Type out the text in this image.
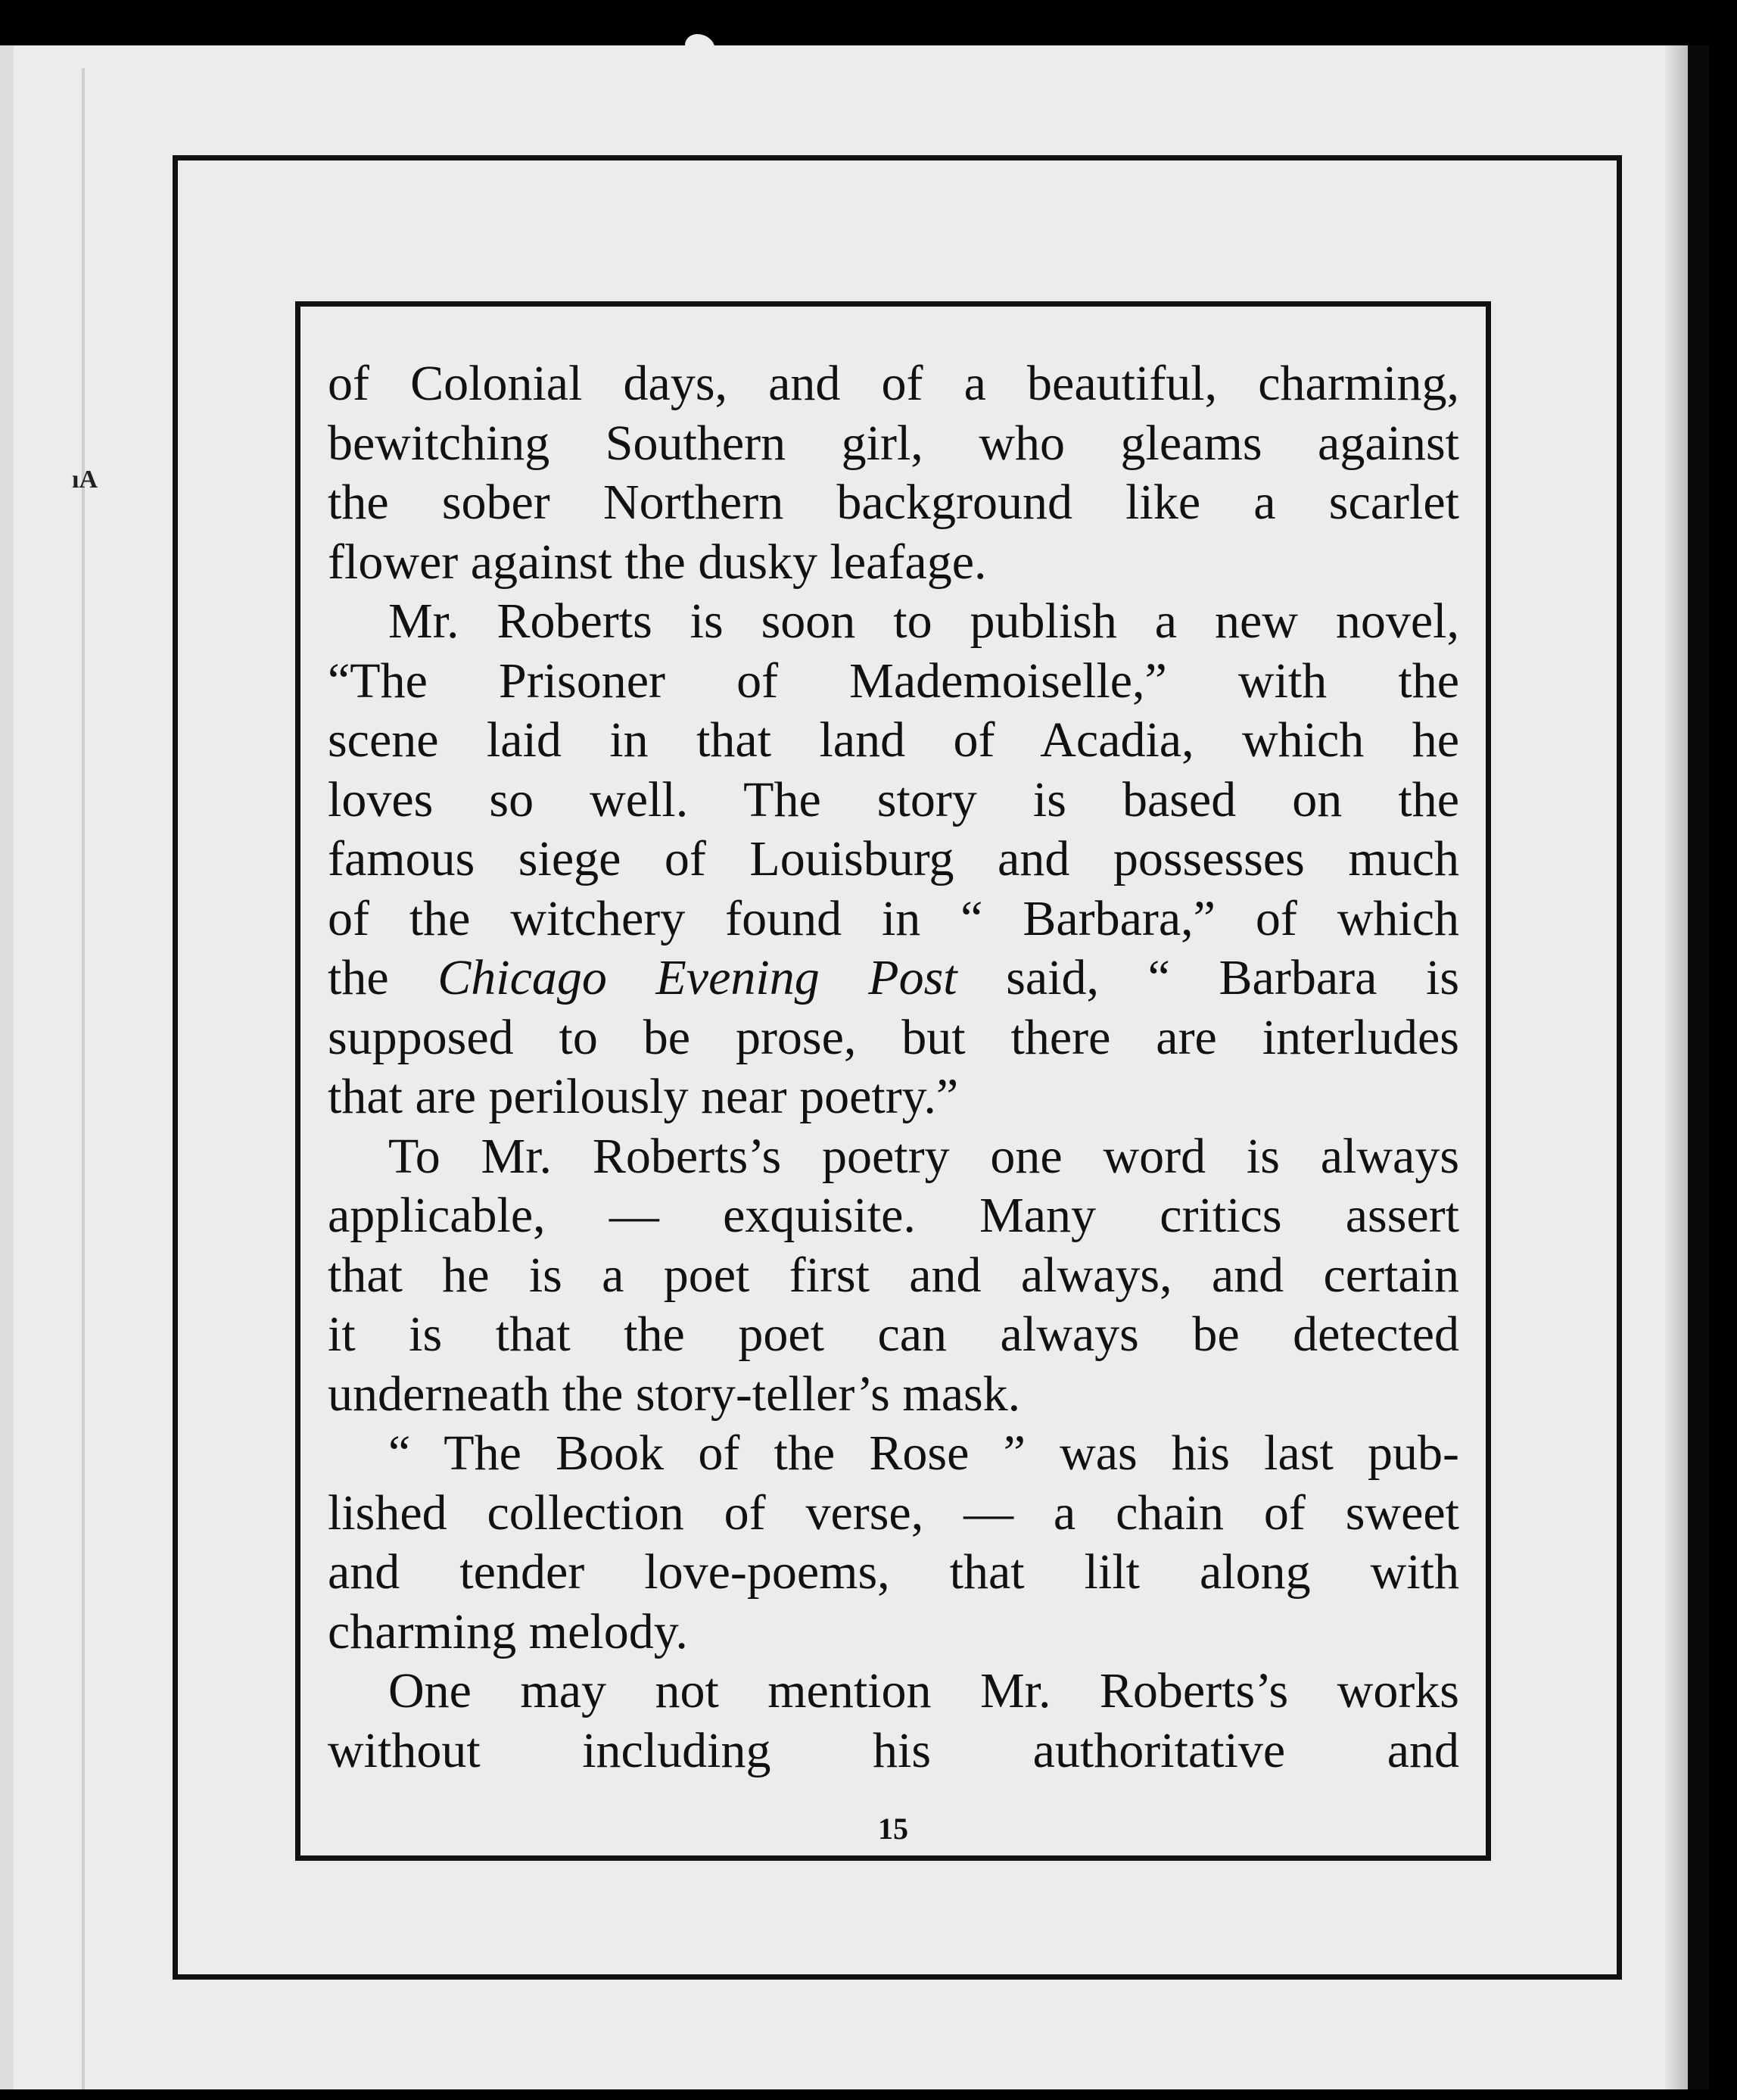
ıA
of Colonial days, and of a beautiful, charming,
bewitching Southern girl, who gleams against
the sober Northern background like a scarlet
flower against the dusky leafage.
Mr. Roberts is soon to publish a new novel,
“The Prisoner of Mademoiselle,” with the
scene laid in that land of Acadia, which he
loves so well. The story is based on the
famous siege of Louisburg and possesses much
of the witchery found in “ Barbara,” of which
the Chicago Evening Post said, “ Barbara is
supposed to be prose, but there are interludes
that are perilously near poetry.”
To Mr. Roberts’s poetry one word is always
applicable, — exquisite. Many critics assert
that he is a poet first and always, and certain
it is that the poet can always be detected
underneath the story-teller’s mask.
“ The Book of the Rose ” was his last pub-
lished collection of verse, — a chain of sweet
and tender love-poems, that lilt along with
charming melody.
One may not mention Mr. Roberts’s works
without including his authoritative and
15
